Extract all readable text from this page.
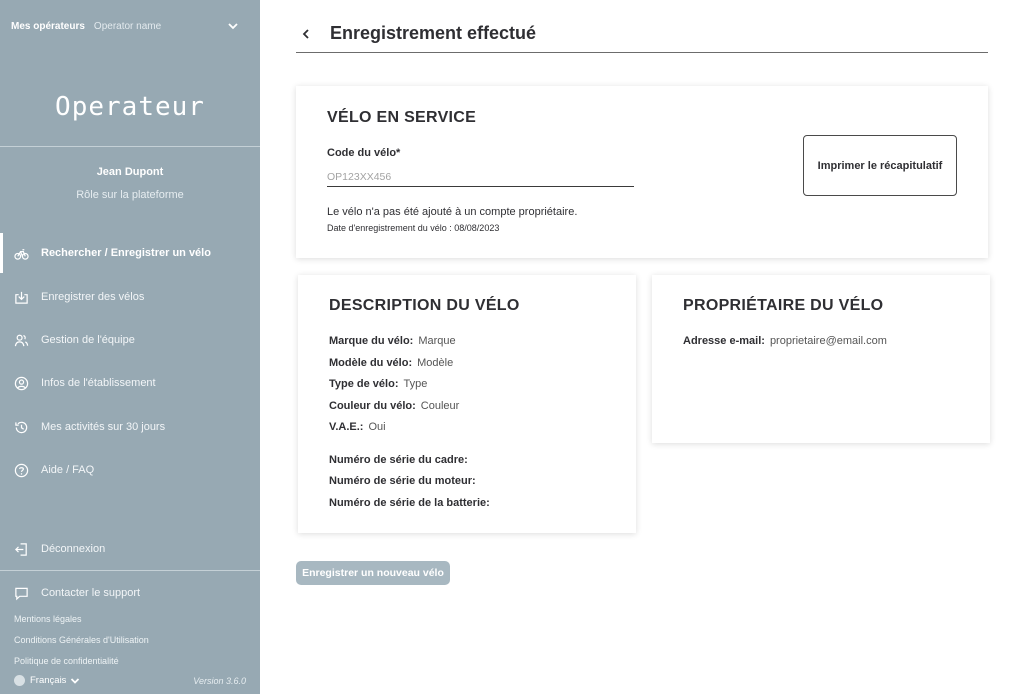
Mes opérateurs Operator name
Operateur
Jean Dupont
Rôle sur la plateforme
Rechercher / Enregistrer un vélo
Enregistrer des vélos
Gestion de l'équipe
Infos de l'établissement
Mes activités sur 30 jours
Aide / FAQ
Déconnexion
Contacter le support
Mentions légales
Conditions Générales d'Utilisation
Politique de confidentialité
Français	Version 3.6.0
Enregistrement effectué
VÉLO EN SERVICE
Code du vélo*
OP123XX456
Imprimer le récapitulatif
Le vélo n'a pas été ajouté à un compte propriétaire.
Date d'enregistrement du vélo : 08/08/2023
DESCRIPTION DU VÉLO
Marque du vélo: Marque
Modèle du vélo: Modèle
Type de vélo: Type
Couleur du vélo: Couleur
V.A.E.: Oui
Numéro de série du cadre:
Numéro de série du moteur:
Numéro de série de la batterie:
PROPRIÉTAIRE DU VÉLO
Adresse e-mail: proprietaire@email.com
Enregistrer un nouveau vélo
